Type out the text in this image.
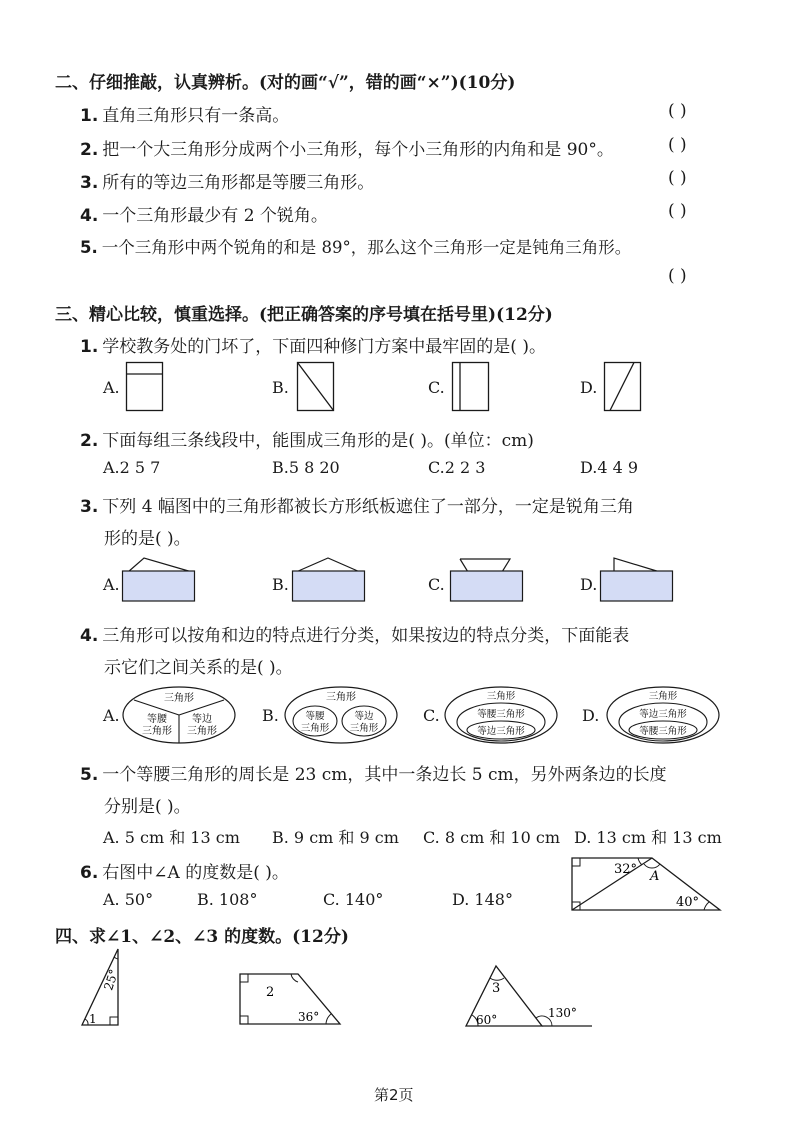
二、仔细推敲，认真辨析。(对的画“√”，错的画“×”)(10分)
1. 直角三角形只有一条高。	( )
2. 把一个大三角形分成两个小三角形，每个小三角形的内角和是 90°。	( )
3. 所有的等边三角形都是等腰三角形。	( )
4. 一个三角形最少有 2 个锐角。	( )
5. 一个三角形中两个锐角的和是 89°，那么这个三角形一定是钝角三角形。
( )
三、精心比较，慎重选择。(把正确答案的序号填在括号里)(12分)
1. 学校教务处的门坏了，下面四种修门方案中最牢固的是( )。
A.	B.	C.	D.
2. 下面每组三条线段中，能围成三角形的是( )。(单位：cm)
A.2 5 7	B.5 8 20	C.2 2 3	D.4 4 9
3. 下列 4 幅图中的三角形都被长方形纸板遮住了一部分，一定是锐角三角
形的是( )。
A.	B.	C.	D.
4. 三角形可以按角和边的特点进行分类，如果按边的特点分类，下面能表
示它们之间关系的是( )。
A.
三角形
等腰
三角形
等边
三角形
B.
三角形
等腰
三角形
等边
三角形
C.
三角形
等腰三角形
等边三角形
D.
三角形
等边三角形
等腰三角形
5. 一个等腰三角形的周长是 23 cm，其中一条边长 5 cm，另外两条边的长度
分别是( )。
A. 5 cm 和 13 cm B. 9 cm 和 9 cm C. 8 cm 和 10 cm D. 13 cm 和 13 cm
6. 右图中∠A 的度数是( )。
A. 50°	B. 108°	C. 140°	D. 148°
32° A
40°
四、求∠1、∠2、∠3 的度数。(12分)
25°
1
2
36°
3
60°	130°
第2页
